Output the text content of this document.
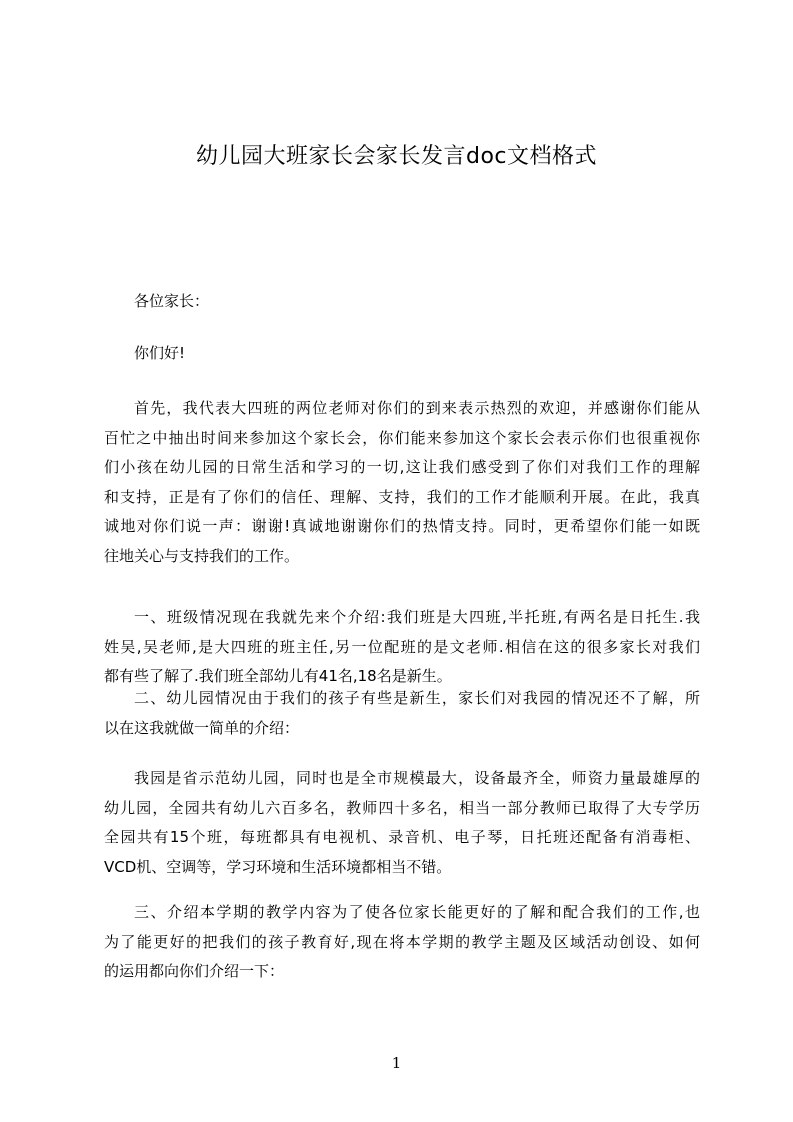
幼儿园大班家长会家长发言doc文档格式

各位家长：

你们好!

首先，我代表大四班的两位老师对你们的到来表示热烈的欢迎，并感谢你们能从
百忙之中抽出时间来参加这个家长会，你们能来参加这个家长会表示你们也很重视你
们小孩在幼儿园的日常生活和学习的一切,这让我们感受到了你们对我们工作的理解
和支持，正是有了你们的信任、理解、支持，我们的工作才能顺利开展。在此，我真
诚地对你们说一声：谢谢!真诚地谢谢你们的热情支持。同时，更希望你们能一如既
往地关心与支持我们的工作。

一、班级情况现在我就先来个介绍:我们班是大四班,半托班,有两名是日托生.我
姓吴,吴老师,是大四班的班主任,另一位配班的是文老师.相信在这的很多家长对我们
都有些了解了.我们班全部幼儿有41名,18名是新生。

二、幼儿园情况由于我们的孩子有些是新生，家长们对我园的情况还不了解，所
以在这我就做一简单的介绍：

我园是省示范幼儿园，同时也是全市规模最大，设备最齐全，师资力量最雄厚的
幼儿园，全园共有幼儿六百多名，教师四十多名，相当一部分教师已取得了大专学历
全园共有15个班，每班都具有电视机、录音机、电子琴，日托班还配备有消毒柜、
VCD机、空调等，学习环境和生活环境都相当不错。

三、介绍本学期的教学内容为了使各位家长能更好的了解和配合我们的工作,也
为了能更好的把我们的孩子教育好,现在将本学期的教学主题及区域活动创设、如何
的运用都向你们介绍一下：

1
